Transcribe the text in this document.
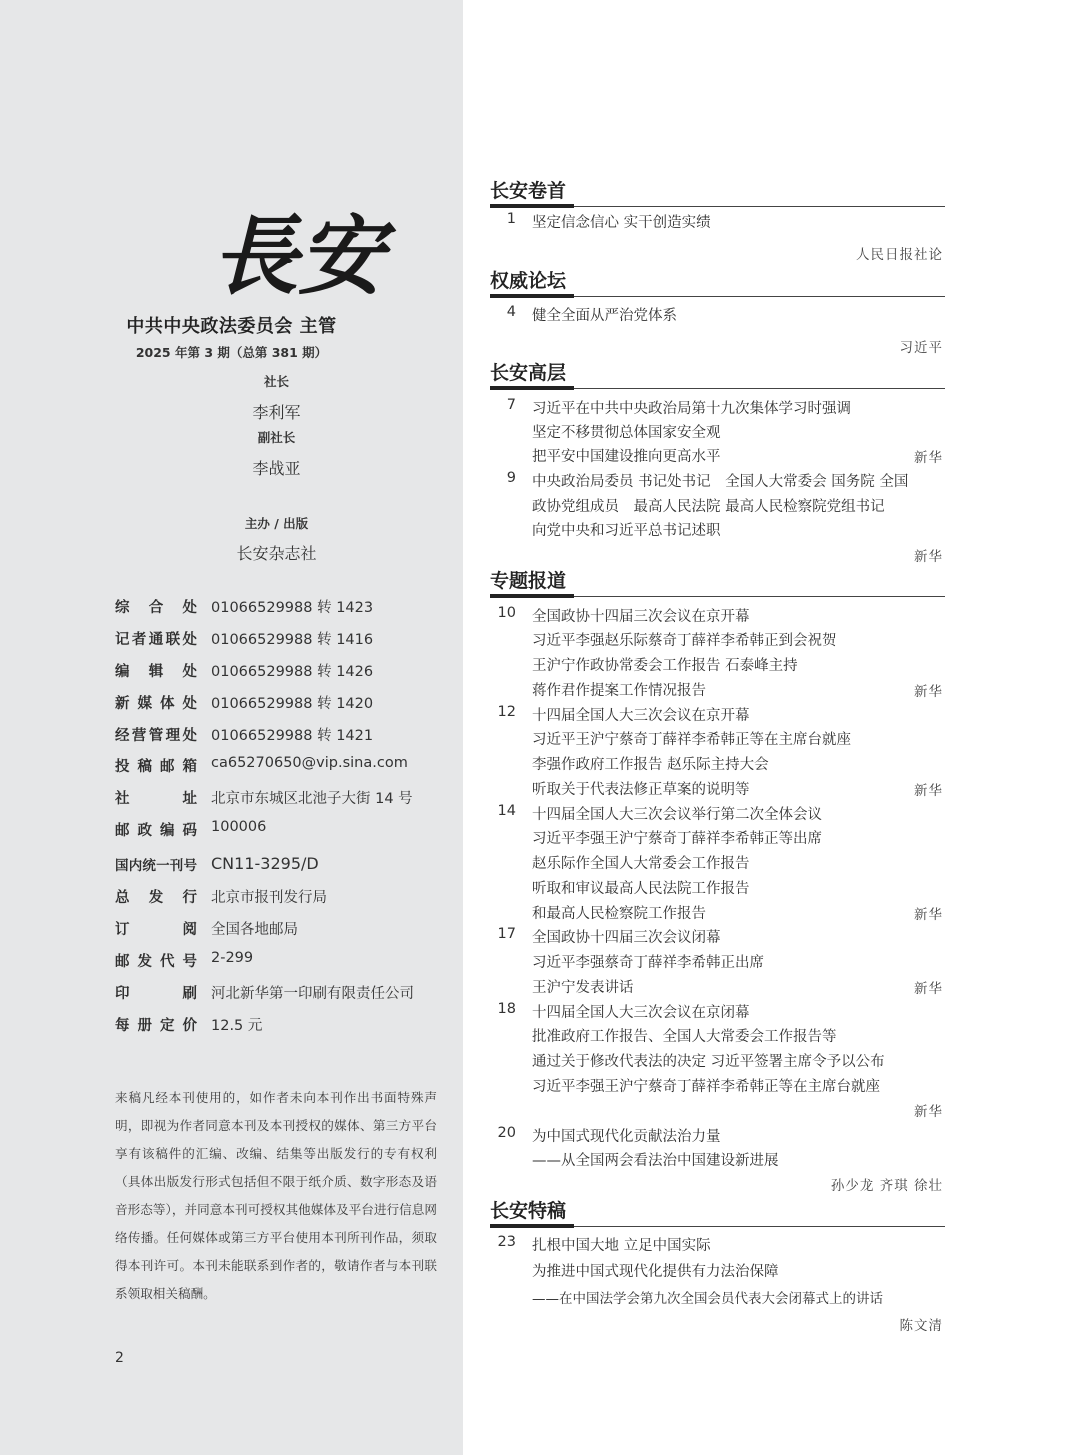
長安
中共中央政法委员会 主管
2025 年第 3 期（总第 381 期）
社长
李利军
副社长
李战亚
主办 / 出版
长安杂志社
综合处 01066529988 转 1423
记者通联处 01066529988 转 1416
编辑处 01066529988 转 1426
新媒体处 01066529988 转 1420
经营管理处 01066529988 转 1421
投稿邮箱 ca65270650@vip.sina.com
社址 北京市东城区北池子大街 14 号
邮政编码 100006
国内统一刊号 CN11-3295/D
总发行 北京市报刊发行局
订阅 全国各地邮局
邮发代号 2-299
印刷 河北新华第一印刷有限责任公司
每册定价 12.5 元
来稿凡经本刊使用的，如作者未向本刊作出书面特殊声明，即视为作者同意本刊及本刊授权的媒体、第三方平台享有该稿件的汇编、改编、结集等出版发行的专有权利（具体出版发行形式包括但不限于纸介质、数字形态及语音形态等），并同意本刊可授权其他媒体及平台进行信息网络传播。任何媒体或第三方平台使用本刊所刊作品，须取得本刊许可。本刊未能联系到作者的，敬请作者与本刊联系领取相关稿酬。
2
长安卷首
权威论坛
长安高层
专题报道
长安特稿
1 坚定信念信心 实干创造实绩
人民日报社论
4 健全全面从严治党体系
习近平
7 习近平在中共中央政治局第十九次集体学习时强调
坚定不移贯彻总体国家安全观
把平安中国建设推向更高水平	新华
9 中央政治局委员 书记处书记　全国人大常委会 国务院 全国
政协党组成员　最高人民法院 最高人民检察院党组书记
向党中央和习近平总书记述职
新华
10 全国政协十四届三次会议在京开幕
习近平李强赵乐际蔡奇丁薛祥李希韩正到会祝贺
王沪宁作政协常委会工作报告 石泰峰主持
蒋作君作提案工作情况报告	新华
12 十四届全国人大三次会议在京开幕
习近平王沪宁蔡奇丁薛祥李希韩正等在主席台就座
李强作政府工作报告 赵乐际主持大会
听取关于代表法修正草案的说明等	新华
14 十四届全国人大三次会议举行第二次全体会议
习近平李强王沪宁蔡奇丁薛祥李希韩正等出席
赵乐际作全国人大常委会工作报告
听取和审议最高人民法院工作报告
和最高人民检察院工作报告	新华
17 全国政协十四届三次会议闭幕
习近平李强蔡奇丁薛祥李希韩正出席
王沪宁发表讲话	新华
18 十四届全国人大三次会议在京闭幕
批准政府工作报告、全国人大常委会工作报告等
通过关于修改代表法的决定 习近平签署主席令予以公布
习近平李强王沪宁蔡奇丁薛祥李希韩正等在主席台就座
新华
20 为中国式现代化贡献法治力量
——从全国两会看法治中国建设新进展
孙少龙 齐琪 徐壮
23 扎根中国大地 立足中国实际
为推进中国式现代化提供有力法治保障
——在中国法学会第九次全国会员代表大会闭幕式上的讲话
陈文清
